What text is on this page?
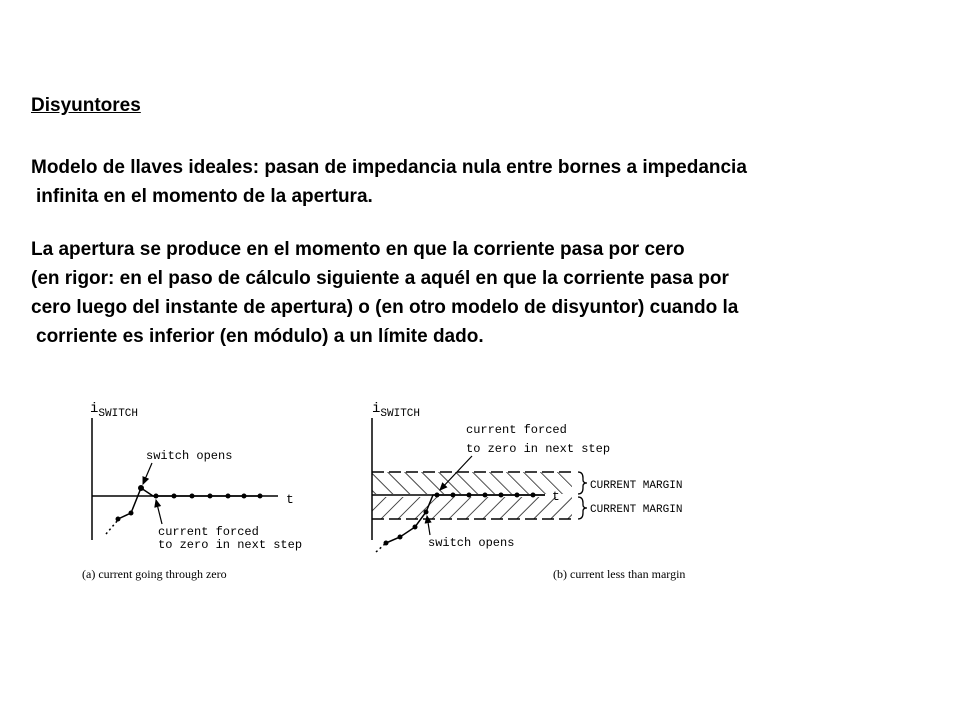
Disyuntores
Modelo de llaves ideales: pasan de impedancia nula entre bornes a impedancia
infinita en el momento de la apertura.
La apertura se produce en el momento en que la corriente pasa por cero
(en rigor: en el paso de cálculo siguiente a aquél en que la corriente pasa por
cero luego del instante de apertura) o (en otro modelo de disyuntor) cuando la
corriente es inferior (en módulo) a un límite dado.
$i_{SWITCH}$
t
switch opens
current forced
to zero in next step
(a) current going through zero
$i_{SWITCH}$
t
current forced
to zero in next step
CURRENT MARGIN
CURRENT MARGIN
switch opens
(b) current less than margin
